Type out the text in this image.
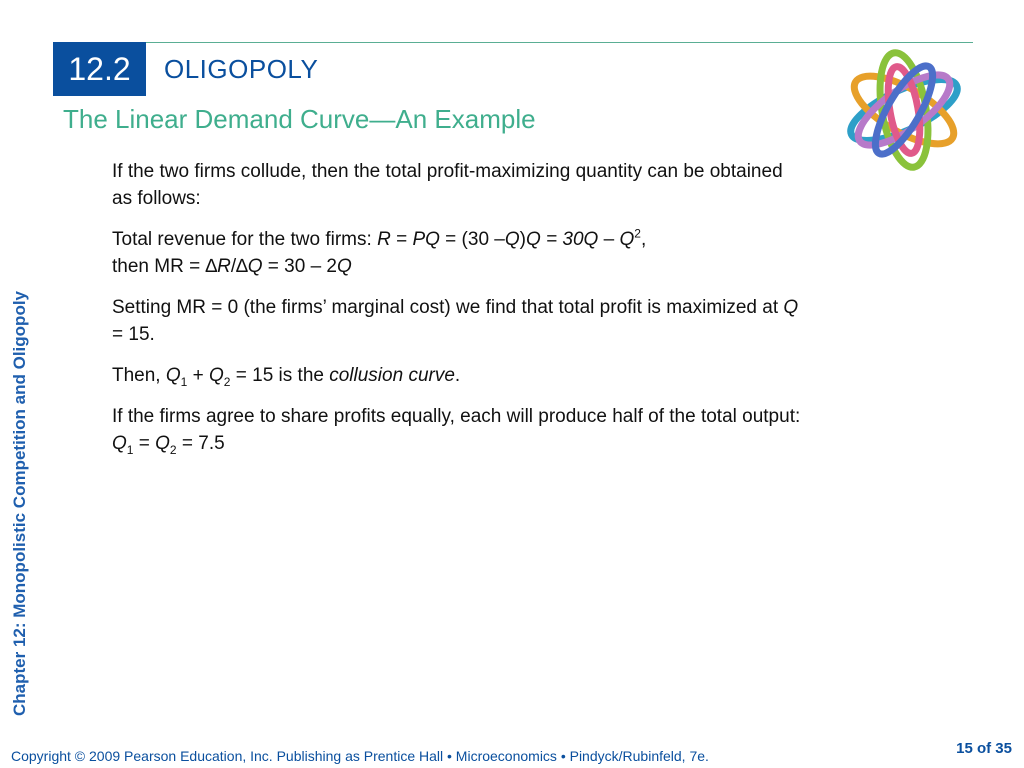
12.2	OLIGOPOLY
The Linear Demand Curve—An Example
Chapter 12: Monopolistic Competition and Oligopoly

If the two firms collude, then the total profit-maximizing quantity can be obtained as follows:

Total revenue for the two firms: R = PQ = (30 $-Q)Q = 30Q - Q^2$,
then MR = ∆R/∆Q = 30 – 2Q

Setting MR = 0 (the firms’ marginal cost) we find that total profit is maximized at Q = 15.

Then, $Q_1 + Q_2 = 15$ is the collusion curve.

If the firms agree to share profits equally, each will produce half of the total output:
$Q_1 = Q_2 = 7.5$

Copyright © 2009 Pearson Education, Inc. Publishing as Prentice Hall • Microeconomics • Pindyck/Rubinfeld, 7e.	15 of 35
